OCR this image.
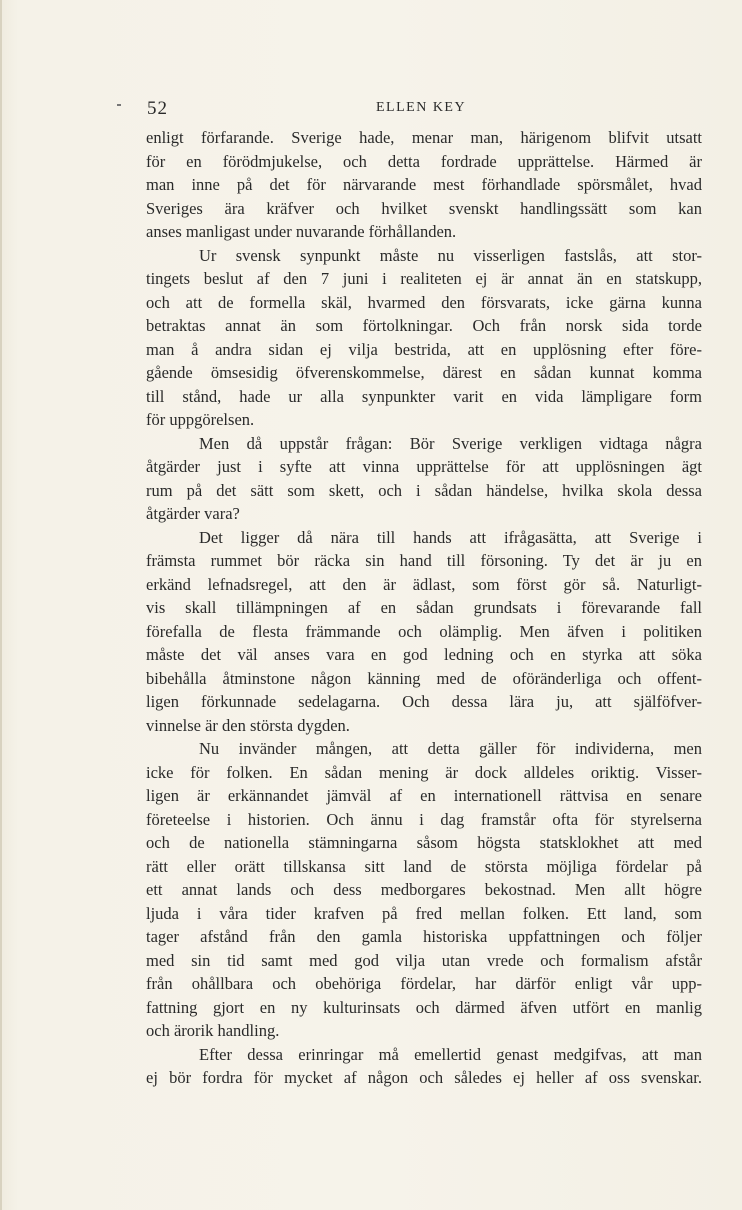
52	ELLEN KEY
enligt förfarande. Sverige hade, menar man, härigenom blifvit utsatt
för en förödmjukelse, och detta fordrade upprättelse. Härmed är
man inne på det för närvarande mest förhandlade spörsmålet, hvad
Sveriges ära kräfver och hvilket svenskt handlingssätt som kan
anses manligast under nuvarande förhållanden.
Ur svensk synpunkt måste nu visserligen fastslås, att stor-
tingets beslut af den 7 juni i realiteten ej är annat än en statskupp,
och att de formella skäl, hvarmed den försvarats, icke gärna kunna
betraktas annat än som förtolkningar. Och från norsk sida torde
man å andra sidan ej vilja bestrida, att en upplösning efter före-
gående ömsesidig öfverenskommelse, därest en sådan kunnat komma
till stånd, hade ur alla synpunkter varit en vida lämpligare form
för uppgörelsen.
Men då uppstår frågan: Bör Sverige verkligen vidtaga några
åtgärder just i syfte att vinna upprättelse för att upplösningen ägt
rum på det sätt som skett, och i sådan händelse, hvilka skola dessa
åtgärder vara?
Det ligger då nära till hands att ifrågasätta, att Sverige i
främsta rummet bör räcka sin hand till försoning. Ty det är ju en
erkänd lefnadsregel, att den är ädlast, som först gör så. Naturligt-
vis skall tillämpningen af en sådan grundsats i förevarande fall
förefalla de flesta främmande och olämplig. Men äfven i politiken
måste det väl anses vara en god ledning och en styrka att söka
bibehålla åtminstone någon känning med de oföränderliga och offent-
ligen förkunnade sedelagarna. Och dessa lära ju, att själföfver-
vinnelse är den största dygden.
Nu invänder mången, att detta gäller för individerna, men
icke för folken. En sådan mening är dock alldeles oriktig. Visser-
ligen är erkännandet jämväl af en internationell rättvisa en senare
företeelse i historien. Och ännu i dag framstår ofta för styrelserna
och de nationella stämningarna såsom högsta statsklokhet att med
rätt eller orätt tillskansa sitt land de största möjliga fördelar på
ett annat lands och dess medborgares bekostnad. Men allt högre
ljuda i våra tider krafven på fred mellan folken. Ett land, som
tager afstånd från den gamla historiska uppfattningen och följer
med sin tid samt med god vilja utan vrede och formalism afstår
från ohållbara och obehöriga fördelar, har därför enligt vår upp-
fattning gjort en ny kulturinsats och därmed äfven utfört en manlig
och ärorik handling.
Efter dessa erinringar må emellertid genast medgifvas, att man
ej bör fordra för mycket af någon och således ej heller af oss svenskar.
